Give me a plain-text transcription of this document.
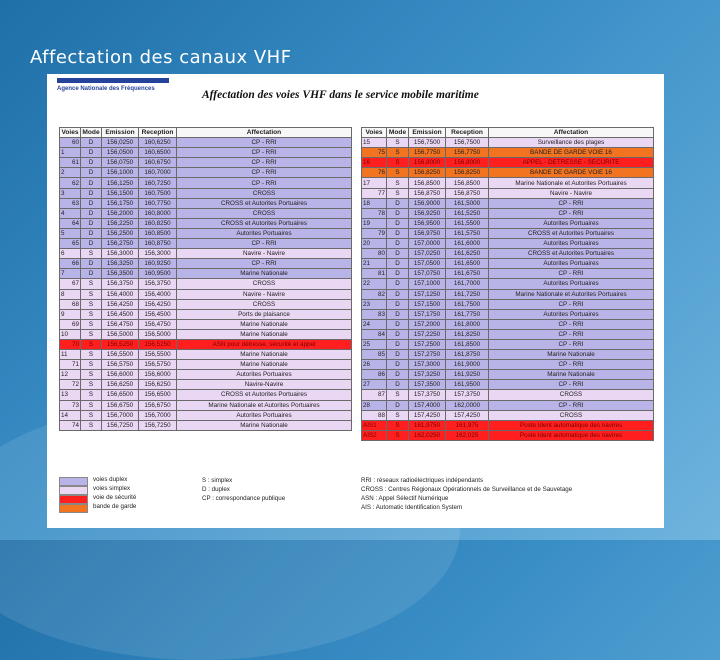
Affectation des canaux VHF
Agence Nationale des Fréquences	Affectation des voies VHF dans le service mobile maritime
Voies	Mode	Emission	Reception	Affectation
60	D	156,0250	160,6250	CP - RRI
1	D	156,0500	160,6500	CP - RRI
61	D	156,0750	160,6750	CP - RRI
2	D	156,1000	160,7000	CP - RRI
62	D	156,1250	160,7250	CP - RRI
3	D	156,1500	160,7500	CROSS
63	D	156,1750	160,7750	CROSS et Autorites Portuaires
4	D	156,2000	160,8000	CROSS
64	D	156,2250	160,8250	CROSS et Autorites Portuaires
5	D	156,2500	160,8500	Autorites Portuaires
65	D	156,2750	160,8750	CP - RRI
6	S	156,3000	156,3000	Navire - Navire
66	D	156,3250	160,9250	CP - RRI
7	D	156,3500	160,9500	Marine Nationale
67	S	156,3750	156,3750	CROSS
8	S	156,4000	156,4000	Navire - Navire
68	S	156,4250	156,4250	CROSS
9	S	156,4500	156,4500	Ports de plaisance
69	S	156,4750	156,4750	Marine Nationale
10	S	156,5000	156,5000	Marine Nationale
70	S	156,5250	156,5250	ASN pour détresse, sécurité et appel
11	S	156,5500	156,5500	Marine Nationale
71	S	156,5750	156,5750	Marine Nationale
12	S	156,6000	156,6000	Autorites Portuaires
72	S	156,6250	156,6250	Navire-Navire
13	S	156,6500	156,6500	CROSS et Autorites Portuaires
73	S	156,6750	156,6750	Marine Nationale et Autorites Portuaires
14	S	156,7000	156,7000	Autorites Portuaires
74	S	156,7250	156,7250	Marine Nationale
Voies	Mode	Emission	Reception	Affectation
15	S	156,7500	156,7500	Surveillance des plages
75	S	156,7750	156,7750	BANDE DE GARDE VOIE 16
16	S	156,8000	156,8000	APPEL - DETRESSE - SECURITE
76	S	156,8250	156,8250	BANDE DE GARDE VOIE 16
17	S	156,8500	156,8500	Marine Nationale et Autorites Portuaires
77	S	156,8750	156,8750	Navire - Navire
18	D	156,9000	161,5000	CP - RRI
78	D	156,9250	161,5250	CP - RRI
19	D	156,9500	161,5500	Autorites Portuaires
79	D	156,9750	161,5750	CROSS et Autorites Portuaires
20	D	157,0000	161,6000	Autorites Portuaires
80	D	157,0250	161,6250	CROSS et Autorites Portuaires
21	D	157,0500	161,6500	Autorites Portuaires
81	D	157,0750	161,6750	CP - RRI
22	D	157,1000	161,7000	Autorites Portuaires
82	D	157,1250	161,7250	Marine Nationale et Autorites Portuaires
23	D	157,1500	161,7500	CP - RRI
83	D	157,1750	161,7750	Autorites Portuaires
24	D	157,2000	161,8000	CP - RRI
84	D	157,2250	161,8250	CP - RRI
25	D	157,2500	161,8500	CP - RRI
85	D	157,2750	161,8750	Marine Nationale
26	D	157,3000	161,9000	CP - RRI
86	D	157,3250	161,9250	Marine Nationale
27	D	157,3500	161,9500	CP - RRI
87	S	157,3750	157,3750	CROSS
28	D	157,4000	162,0000	CP - RRI
88	S	157,4250	157,4250	CROSS
AIS1	S	161,9750	161,975	Poste Ident automatique des navires
AIS2	S	162,0250	162,025	Poste Ident automatique des navires
voies duplex
voies simplex
voie de sécurité
bande de garde
S : simplex
D : duplex
CP : correspondance publique
RRI : réseaux radioélectriques indépendants
CROSS : Centres Régionaux Opérationnels de Surveillance et de Sauvetage
ASN : Appel Sélectif Numérique
AIS : Automatic Identification System
